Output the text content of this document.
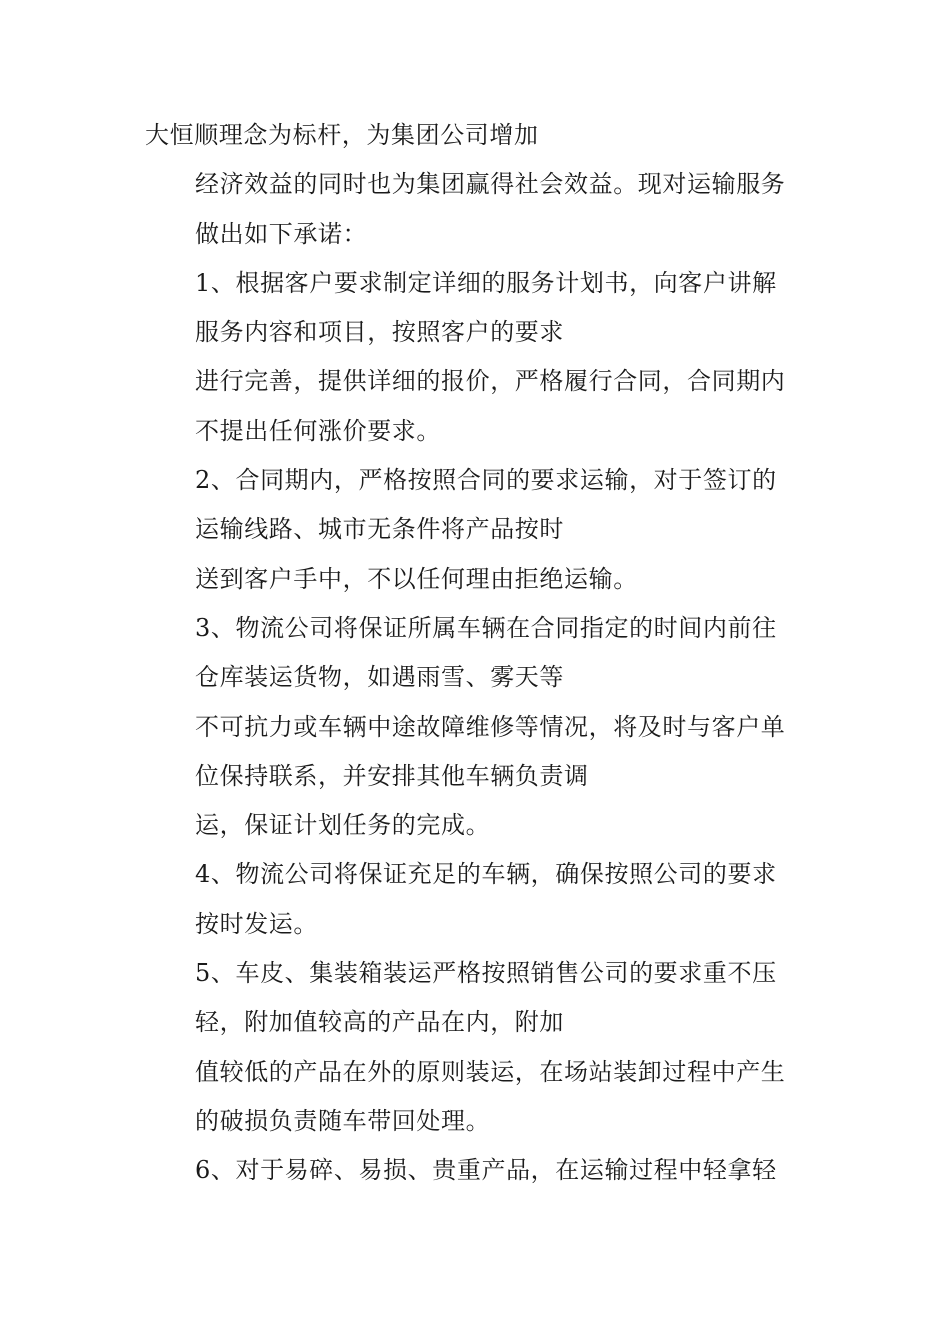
大恒顺理念为标杆，为集团公司增加

经济效益的同时也为集团赢得社会效益。现对运输服务
做出如下承诺：

1、根据客户要求制定详细的服务计划书，向客户讲解
服务内容和项目，按照客户的要求

进行完善，提供详细的报价，严格履行合同，合同期内
不提出任何涨价要求。

2、合同期内，严格按照合同的要求运输，对于签订的
运输线路、城市无条件将产品按时

送到客户手中，不以任何理由拒绝运输。

3、物流公司将保证所属车辆在合同指定的时间内前往
仓库装运货物，如遇雨雪、雾天等

不可抗力或车辆中途故障维修等情况，将及时与客户单
位保持联系，并安排其他车辆负责调

运，保证计划任务的完成。

4、物流公司将保证充足的车辆，确保按照公司的要求
按时发运。

5、车皮、集装箱装运严格按照销售公司的要求重不压
轻，附加值较高的产品在内，附加

值较低的产品在外的原则装运，在场站装卸过程中产生
的破损负责随车带回处理。

6、对于易碎、易损、贵重产品，在运输过程中轻拿轻
